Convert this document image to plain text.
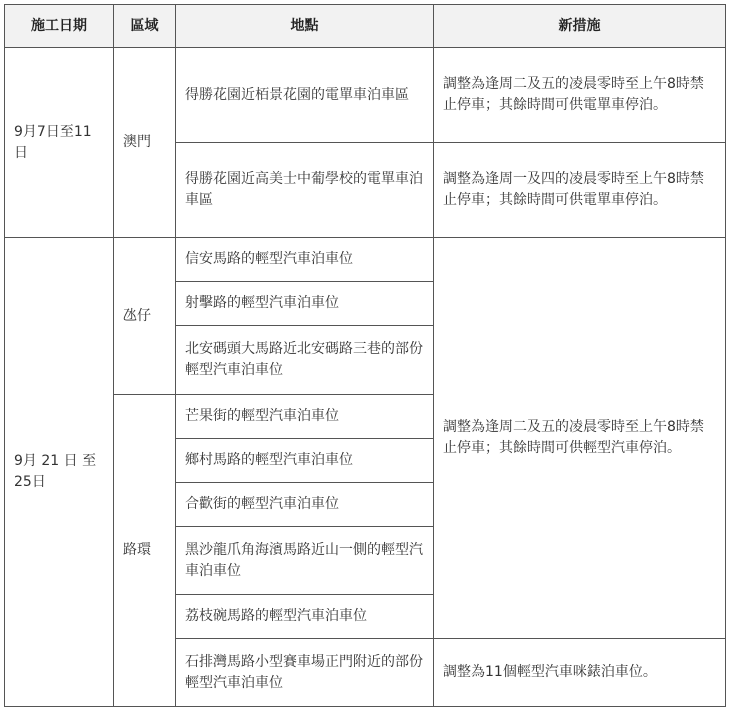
施工日期	區域	地點	新措施

9月7日至11日	澳門	得勝花園近栢景花園的電單車泊車區	調整為逢周二及五的凌晨零時至上午8時禁止停車；其餘時間可供電單車停泊。

		得勝花園近高美士中葡學校的電單車泊車區	調整為逢周一及四的凌晨零時至上午8時禁止停車；其餘時間可供電單車停泊。

9月 21 日 至 25日	氹仔	信安馬路的輕型汽車泊車位	調整為逢周二及五的凌晨零時至上午8時禁止停車；其餘時間可供輕型汽車停泊。

		射擊路的輕型汽車泊車位	

		北安碼頭大馬路近北安碼路三巷的部份輕型汽車泊車位	

	路環	芒果街的輕型汽車泊車位	

		鄉村馬路的輕型汽車泊車位	

		合歡街的輕型汽車泊車位	

		黑沙龍爪角海濱馬路近山一側的輕型汽車泊車位	

		荔枝碗馬路的輕型汽車泊車位	

		石排灣馬路小型賽車場正門附近的部份輕型汽車泊車位	調整為11個輕型汽車咪錶泊車位。
